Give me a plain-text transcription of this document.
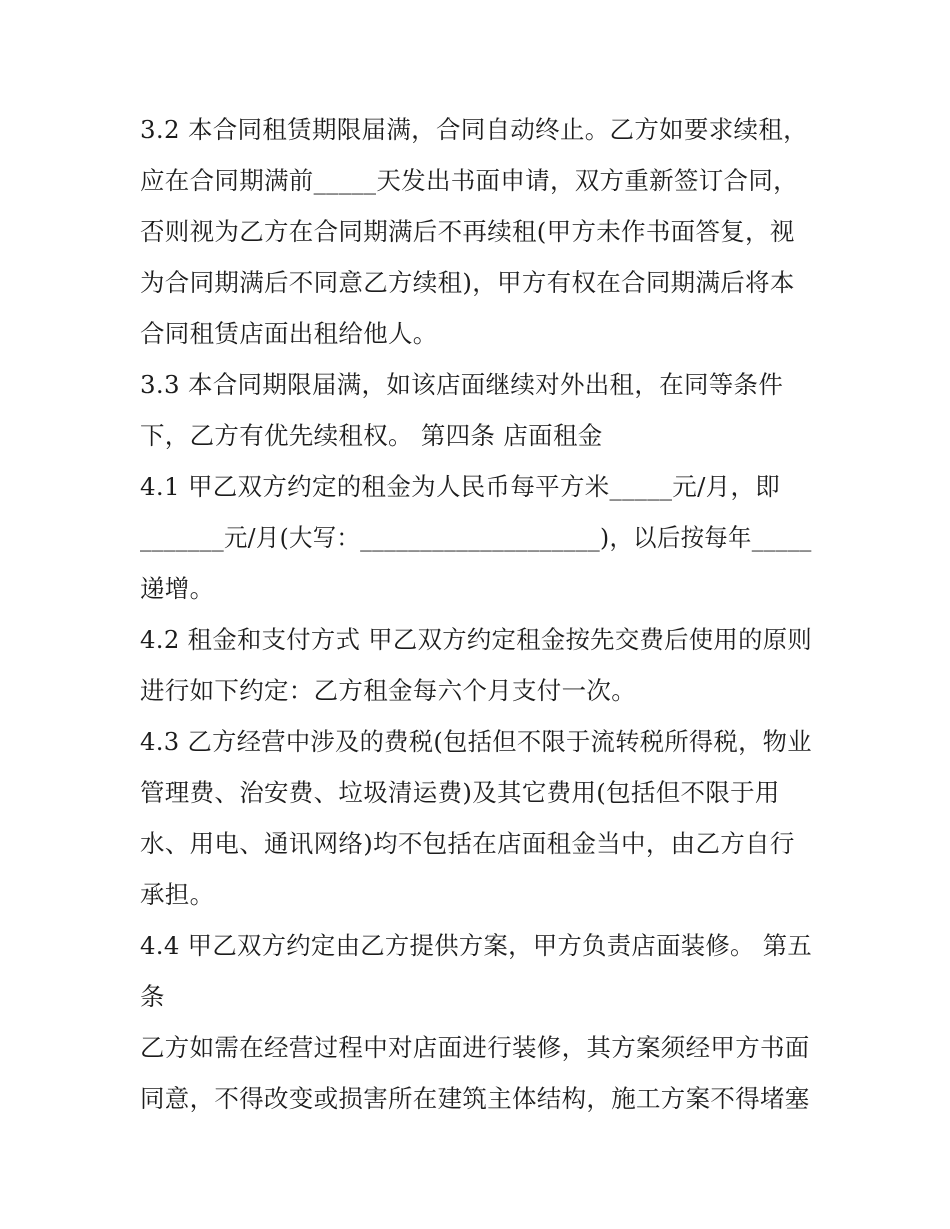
3.2 本合同租赁期限届满，合同自动终止。乙方如要求续租，
应在合同期满前_____天发出书面申请，双方重新签订合同，
否则视为乙方在合同期满后不再续租(甲方未作书面答复，视
为合同期满后不同意乙方续租)，甲方有权在合同期满后将本
合同租赁店面出租给他人。
3.3 本合同期限届满，如该店面继续对外出租，在同等条件
下，乙方有优先续租权。 第四条 店面租金
4.1 甲乙双方约定的租金为人民币每平方米_____元/月，即
_______元/月(大写：____________________)，以后按每年_____
递增。
4.2 租金和支付方式 甲乙双方约定租金按先交费后使用的原则
进行如下约定：乙方租金每六个月支付一次。
4.3 乙方经营中涉及的费税(包括但不限于流转税所得税，物业
管理费、治安费、垃圾清运费)及其它费用(包括但不限于用
水、用电、通讯网络)均不包括在店面租金当中，由乙方自行
承担。
4.4 甲乙双方约定由乙方提供方案，甲方负责店面装修。 第五
条
乙方如需在经营过程中对店面进行装修，其方案须经甲方书面
同意，不得改变或损害所在建筑主体结构，施工方案不得堵塞
